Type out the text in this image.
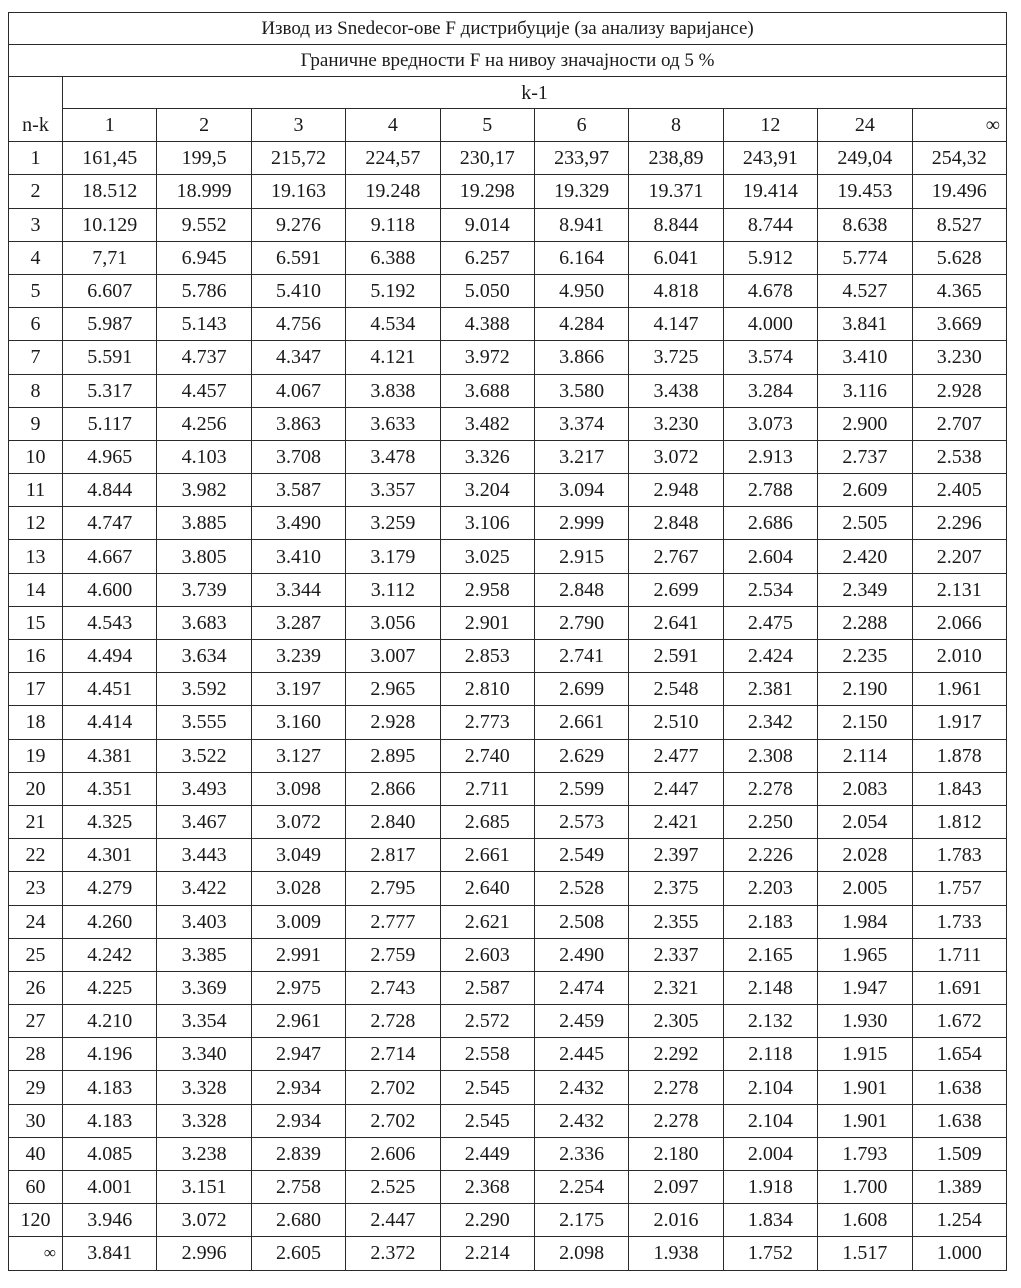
Извод из Snedecor-ове F дистрибуције (за анализу варијансе)										
Граничне вредности F на нивоу значајности од 5 %										
n-k	k-1									
	1	2	3	4	5	6	8	12	24	∞
1	161,45	199,5	215,72	224,57	230,17	233,97	238,89	243,91	249,04	254,32
2	18.512	18.999	19.163	19.248	19.298	19.329	19.371	19.414	19.453	19.496
3	10.129	9.552	9.276	9.118	9.014	8.941	8.844	8.744	8.638	8.527
4	7,71	6.945	6.591	6.388	6.257	6.164	6.041	5.912	5.774	5.628
5	6.607	5.786	5.410	5.192	5.050	4.950	4.818	4.678	4.527	4.365
6	5.987	5.143	4.756	4.534	4.388	4.284	4.147	4.000	3.841	3.669
7	5.591	4.737	4.347	4.121	3.972	3.866	3.725	3.574	3.410	3.230
8	5.317	4.457	4.067	3.838	3.688	3.580	3.438	3.284	3.116	2.928
9	5.117	4.256	3.863	3.633	3.482	3.374	3.230	3.073	2.900	2.707
10	4.965	4.103	3.708	3.478	3.326	3.217	3.072	2.913	2.737	2.538
11	4.844	3.982	3.587	3.357	3.204	3.094	2.948	2.788	2.609	2.405
12	4.747	3.885	3.490	3.259	3.106	2.999	2.848	2.686	2.505	2.296
13	4.667	3.805	3.410	3.179	3.025	2.915	2.767	2.604	2.420	2.207
14	4.600	3.739	3.344	3.112	2.958	2.848	2.699	2.534	2.349	2.131
15	4.543	3.683	3.287	3.056	2.901	2.790	2.641	2.475	2.288	2.066
16	4.494	3.634	3.239	3.007	2.853	2.741	2.591	2.424	2.235	2.010
17	4.451	3.592	3.197	2.965	2.810	2.699	2.548	2.381	2.190	1.961
18	4.414	3.555	3.160	2.928	2.773	2.661	2.510	2.342	2.150	1.917
19	4.381	3.522	3.127	2.895	2.740	2.629	2.477	2.308	2.114	1.878
20	4.351	3.493	3.098	2.866	2.711	2.599	2.447	2.278	2.083	1.843
21	4.325	3.467	3.072	2.840	2.685	2.573	2.421	2.250	2.054	1.812
22	4.301	3.443	3.049	2.817	2.661	2.549	2.397	2.226	2.028	1.783
23	4.279	3.422	3.028	2.795	2.640	2.528	2.375	2.203	2.005	1.757
24	4.260	3.403	3.009	2.777	2.621	2.508	2.355	2.183	1.984	1.733
25	4.242	3.385	2.991	2.759	2.603	2.490	2.337	2.165	1.965	1.711
26	4.225	3.369	2.975	2.743	2.587	2.474	2.321	2.148	1.947	1.691
27	4.210	3.354	2.961	2.728	2.572	2.459	2.305	2.132	1.930	1.672
28	4.196	3.340	2.947	2.714	2.558	2.445	2.292	2.118	1.915	1.654
29	4.183	3.328	2.934	2.702	2.545	2.432	2.278	2.104	1.901	1.638
30	4.183	3.328	2.934	2.702	2.545	2.432	2.278	2.104	1.901	1.638
40	4.085	3.238	2.839	2.606	2.449	2.336	2.180	2.004	1.793	1.509
60	4.001	3.151	2.758	2.525	2.368	2.254	2.097	1.918	1.700	1.389
120	3.946	3.072	2.680	2.447	2.290	2.175	2.016	1.834	1.608	1.254
∞	3.841	2.996	2.605	2.372	2.214	2.098	1.938	1.752	1.517	1.000
